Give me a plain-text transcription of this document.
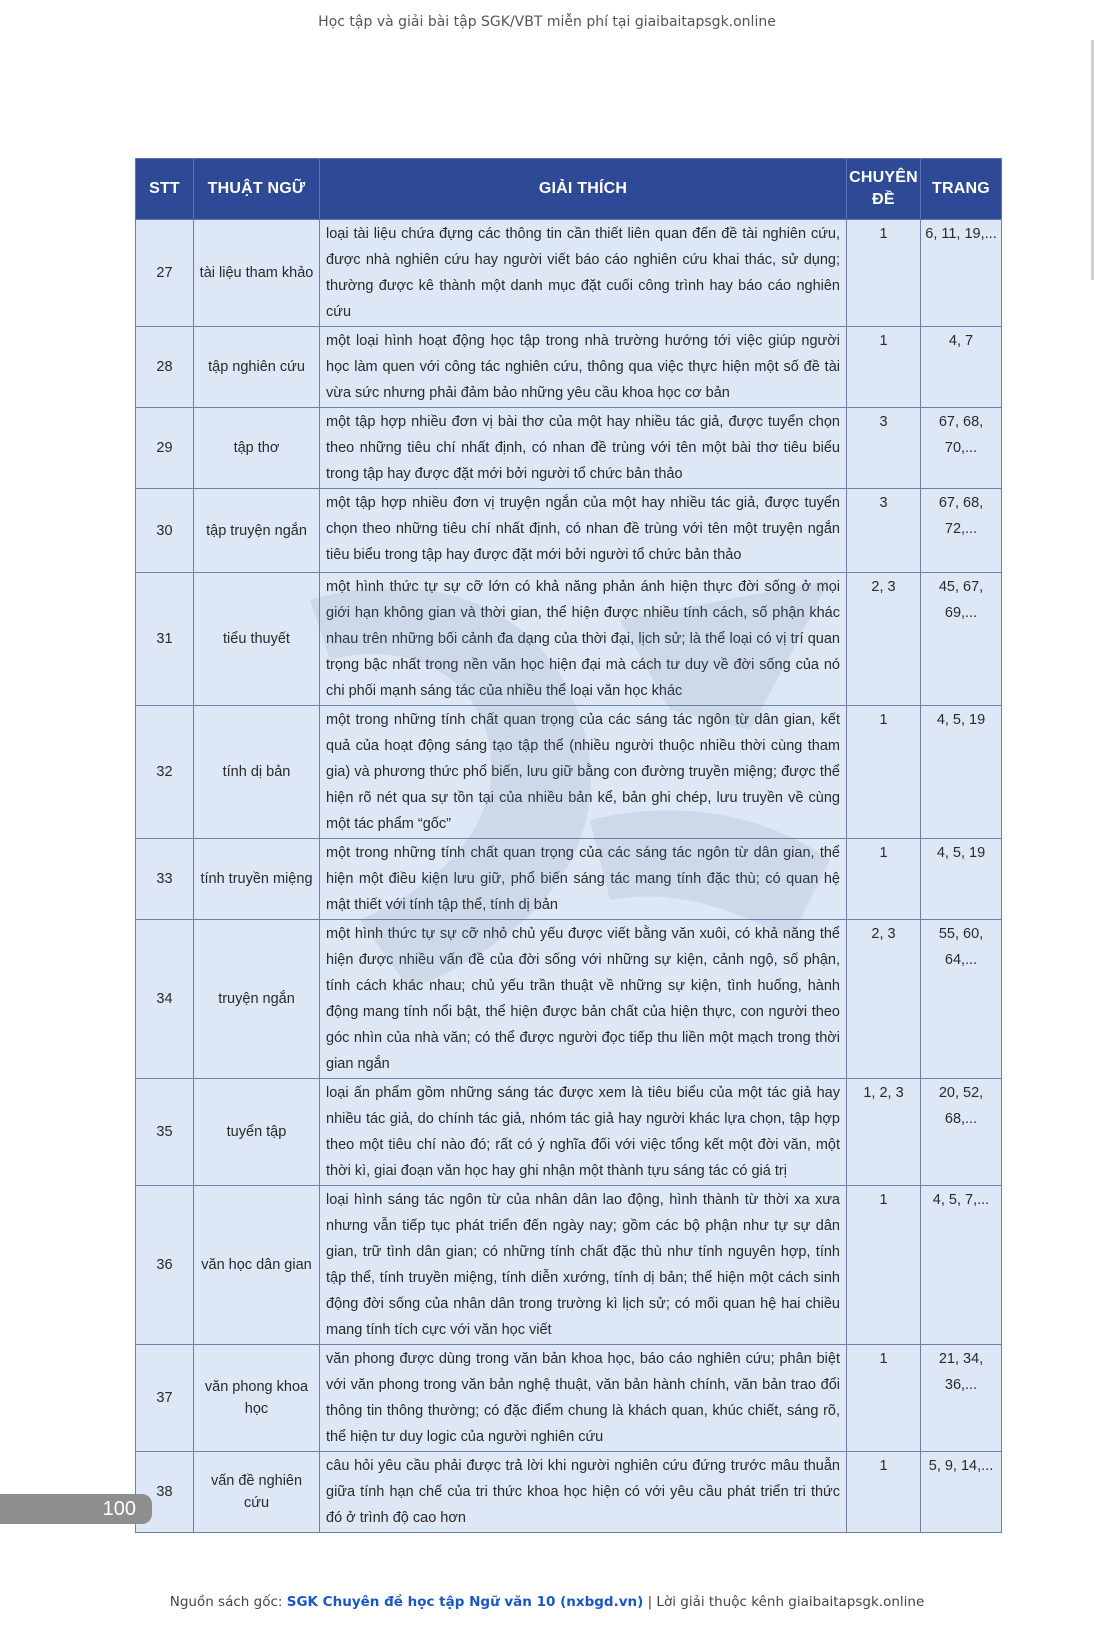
Học tập và giải bài tập SGK/VBT miễn phí tại giaibaitapsgk.online
STT	THUẬT NGỮ	GIẢI THÍCH	CHUYÊN ĐỀ	TRANG
27	tài liệu tham khảo	loại tài liệu chứa đựng các thông tin cần thiết liên quan đến đề tài nghiên cứu, được nhà nghiên cứu hay người viết báo cáo nghiên cứu khai thác, sử dụng; thường được kê thành một danh mục đặt cuối công trình hay báo cáo nghiên cứu	1	6, 11, 19,...
28	tập nghiên cứu	một loại hình hoạt động học tập trong nhà trường hướng tới việc giúp người học làm quen với công tác nghiên cứu, thông qua việc thực hiện một số đề tài vừa sức nhưng phải đảm bảo những yêu cầu khoa học cơ bản	1	4, 7
29	tập thơ	một tập hợp nhiều đơn vị bài thơ của một hay nhiều tác giả, được tuyển chọn theo những tiêu chí nhất định, có nhan đề trùng với tên một bài thơ tiêu biểu trong tập hay được đặt mới bởi người tổ chức bản thảo	3	67, 68, 70,...
30	tập truyện ngắn	một tập hợp nhiều đơn vị truyện ngắn của một hay nhiều tác giả, được tuyển chọn theo những tiêu chí nhất định, có nhan đề trùng với tên một truyện ngắn tiêu biểu trong tập hay được đặt mới bởi người tổ chức bản thảo	3	67, 68, 72,...
31	tiểu thuyết	một hình thức tự sự cỡ lớn có khả năng phản ánh hiện thực đời sống ở mọi giới hạn không gian và thời gian, thể hiện được nhiều tính cách, số phận khác nhau trên những bối cảnh đa dạng của thời đại, lịch sử; là thể loại có vị trí quan trọng bậc nhất trong nền văn học hiện đại mà cách tư duy về đời sống của nó chi phối mạnh sáng tác của nhiều thể loại văn học khác	2, 3	45, 67, 69,...
32	tính dị bản	một trong những tính chất quan trọng của các sáng tác ngôn từ dân gian, kết quả của hoạt động sáng tạo tập thể (nhiều người thuộc nhiều thời cùng tham gia) và phương thức phổ biến, lưu giữ bằng con đường truyền miệng; được thể hiện rõ nét qua sự tồn tại của nhiều bản kể, bản ghi chép, lưu truyền về cùng một tác phẩm “gốc”	1	4, 5, 19
33	tính truyền miệng	một trong những tính chất quan trọng của các sáng tác ngôn từ dân gian, thể hiện một điều kiện lưu giữ, phổ biến sáng tác mang tính đặc thù; có quan hệ mật thiết với tính tập thể, tính dị bản	1	4, 5, 19
34	truyện ngắn	một hình thức tự sự cỡ nhỏ chủ yếu được viết bằng văn xuôi, có khả năng thể hiện được nhiều vấn đề của đời sống với những sự kiện, cảnh ngộ, số phận, tính cách khác nhau; chủ yếu trần thuật về những sự kiện, tình huống, hành động mang tính nổi bật, thể hiện được bản chất của hiện thực, con người theo góc nhìn của nhà văn; có thể được người đọc tiếp thu liền một mạch trong thời gian ngắn	2, 3	55, 60, 64,...
35	tuyển tập	loại ấn phẩm gồm những sáng tác được xem là tiêu biểu của một tác giả hay nhiều tác giả, do chính tác giả, nhóm tác giả hay người khác lựa chọn, tập hợp theo một tiêu chí nào đó; rất có ý nghĩa đối với việc tổng kết một đời văn, một thời kì, giai đoạn văn học hay ghi nhận một thành tựu sáng tác có giá trị	1, 2, 3	20, 52, 68,...
36	văn học dân gian	loại hình sáng tác ngôn từ của nhân dân lao động, hình thành từ thời xa xưa nhưng vẫn tiếp tục phát triển đến ngày nay; gồm các bộ phận như tự sự dân gian, trữ tình dân gian; có những tính chất đặc thù như tính nguyên hợp, tính tập thể, tính truyền miệng, tính diễn xướng, tính dị bản; thể hiện một cách sinh động đời sống của nhân dân trong trường kì lịch sử; có mối quan hệ hai chiều mang tính tích cực với văn học viết	1	4, 5, 7,...
37	văn phong khoa học	văn phong được dùng trong văn bản khoa học, báo cáo nghiên cứu; phân biệt với văn phong trong văn bản nghệ thuật, văn bản hành chính, văn bản trao đổi thông tin thông thường; có đặc điểm chung là khách quan, khúc chiết, sáng rõ, thể hiện tư duy logic của người nghiên cứu	1	21, 34, 36,...
38	vấn đề nghiên cứu	câu hỏi yêu cầu phải được trả lời khi người nghiên cứu đứng trước mâu thuẫn giữa tính hạn chế của tri thức khoa học hiện có với yêu cầu phát triển tri thức đó ở trình độ cao hơn	1	5, 9, 14,...
100
Nguồn sách gốc: SGK Chuyên đề học tập Ngữ văn 10 (nxbgd.vn) | Lời giải thuộc kênh giaibaitapsgk.online
